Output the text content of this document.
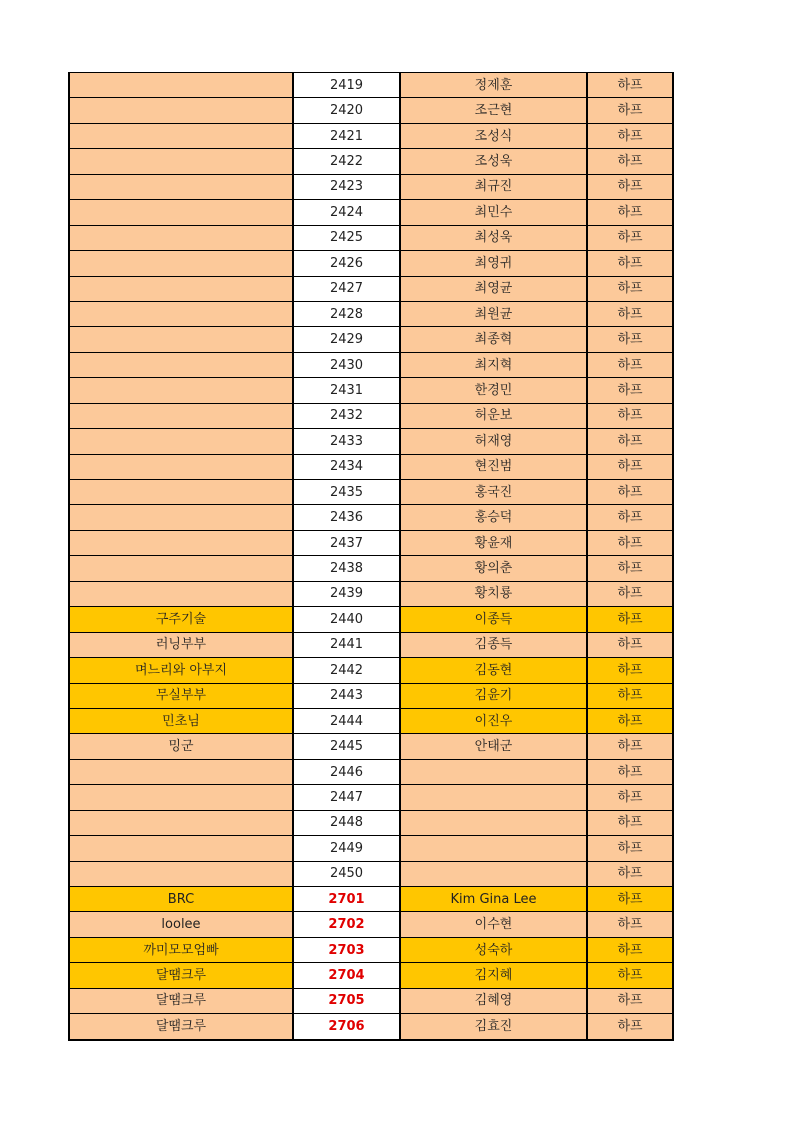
	2419	정제훈	하프
	2420	조근현	하프
	2421	조성식	하프
	2422	조성욱	하프
	2423	최규진	하프
	2424	최민수	하프
	2425	최성욱	하프
	2426	최영귀	하프
	2427	최영균	하프
	2428	최원균	하프
	2429	최종혁	하프
	2430	최지혁	하프
	2431	한경민	하프
	2432	허운보	하프
	2433	허재영	하프
	2434	현진범	하프
	2435	홍국진	하프
	2436	홍승덕	하프
	2437	황윤재	하프
	2438	황의춘	하프
	2439	황치룡	하프
구주기술	2440	이종득	하프
러닝부부	2441	김종득	하프
며느리와 아부지	2442	김동현	하프
무실부부	2443	김윤기	하프
민초님	2444	이진우	하프
밍군	2445	안태군	하프
	2446		하프
	2447		하프
	2448		하프
	2449		하프
	2450		하프
BRC	2701	Kim Gina Lee	하프
loolee	2702	이수현	하프
까미모모엄빠	2703	성숙하	하프
달땜크루	2704	김지혜	하프
달땜크루	2705	김혜영	하프
달땜크루	2706	김효진	하프
